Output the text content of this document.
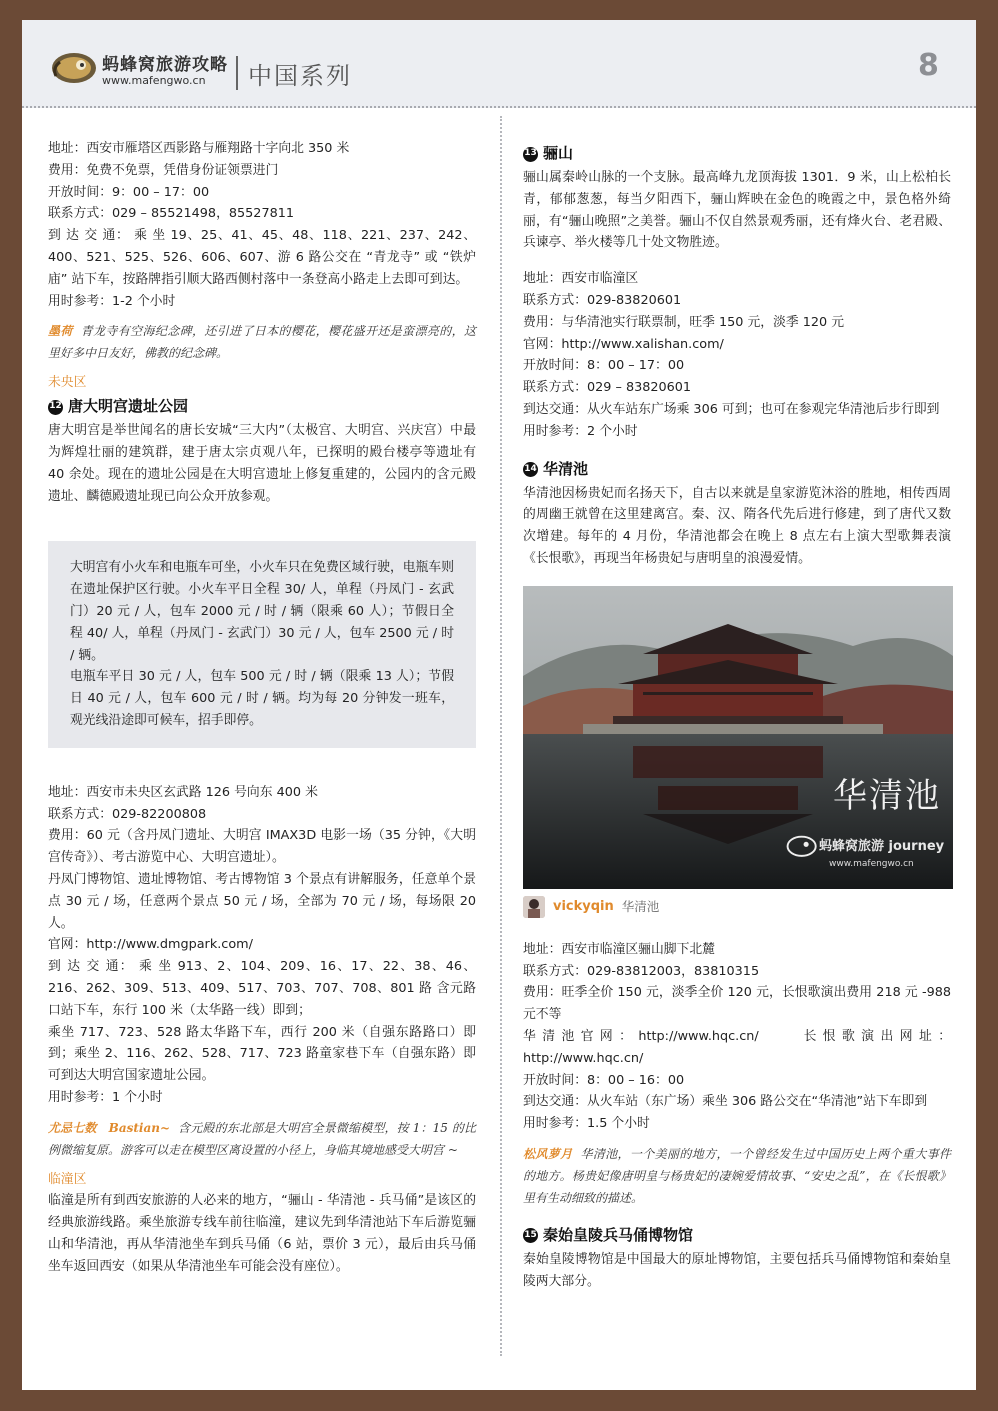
蚂蜂窝旅游攻略
www.mafengwo.cn 中国系列	8

地址：西安市雁塔区西影路与雁翔路十字向北 350 米

费用：免费不免票，凭借身份证领票进门

开放时间：9：00 – 17：00

联系方式：029 – 85521498，85527811

到 达 交 通： 乘 坐 19、25、41、45、48、118、221、237、242、400、521、525、526、606、607、游 6 路公交在 “青龙寺” 或 “铁炉庙” 站下车，按路牌指引顺大路西侧村落中一条登高小路走上去即可到达。

用时参考：1-2 个小时

墨荷 青龙寺有空海纪念碑，还引进了日本的樱花，樱花盛开还是蛮漂亮的，这里好多中日友好，佛教的纪念碑。

未央区

12 唐大明宫遗址公园

唐大明宫是举世闻名的唐长安城“三大内”（太极宫、大明宫、兴庆宫）中最为辉煌壮丽的建筑群，建于唐太宗贞观八年，已探明的殿台楼亭等遗址有 40 余处。现在的遗址公园是在大明宫遗址上修复重建的，公园内的含元殿遗址、麟德殿遗址现已向公众开放参观。

大明宫有小火车和电瓶车可坐，小火车只在免费区域行驶，电瓶车则在遗址保护区行驶。小火车平日全程 30/ 人，单程（丹凤门 - 玄武门）20 元 / 人，包车 2000 元 / 时 / 辆（限乘 60 人）；节假日全程 40/ 人，单程（丹凤门 - 玄武门）30 元 / 人，包车 2500 元 / 时 / 辆。

电瓶车平日 30 元 / 人，包车 500 元 / 时 / 辆（限乘 13 人）；节假日 40 元 / 人，包车 600 元 / 时 / 辆。均为每 20 分钟发一班车，观光线沿途即可候车，招手即停。

地址：西安市未央区玄武路 126 号向东 400 米

联系方式：029-82200808

费用：60 元（含丹凤门遗址、大明宫 IMAX3D 电影一场（35 分钟，《大明宫传奇》）、考古游览中心、大明宫遗址）。

丹凤门博物馆、遗址博物馆、考古博物馆 3 个景点有讲解服务，任意单个景点 30 元 / 场，任意两个景点 50 元 / 场，全部为 70 元 / 场，每场限 20 人。

官网：http://www.dmgpark.com/

到 达 交 通： 乘 坐 913、2、104、209、16、17、22、38、46、216、262、309、513、409、517、703、707、708、801 路 含元路口站下车，东行 100 米（太华路一线）即到；

乘坐 717、723、528 路太华路下车，西行 200 米（自强东路路口）即到；乘坐 2、116、262、528、717、723 路童家巷下车（自强东路）即可到达大明宫国家遗址公园。

用时参考：1 个小时

尤忌七数　Bastian~ 含元殿的东北部是大明宫全景微缩模型，按 1：15 的比例微缩复原。游客可以走在模型区离设置的小径上，身临其境地感受大明宫 ~

临潼区

临潼是所有到西安旅游的人必来的地方，“骊山 - 华清池 - 兵马俑”是该区的经典旅游线路。乘坐旅游专线车前往临潼，建议先到华清池站下车后游览骊山和华清池，再从华清池坐车到兵马俑（6 站，票价 3 元），最后由兵马俑坐车返回西安（如果从华清池坐车可能会没有座位）。

13 骊山

骊山属秦岭山脉的一个支脉。最高峰九龙顶海拔 1301．9 米，山上松柏长青，郁郁葱葱，每当夕阳西下，骊山辉映在金色的晚霞之中，景色格外绮丽，有“骊山晚照”之美誉。骊山不仅自然景观秀丽，还有烽火台、老君殿、兵谏亭、举火楼等几十处文物胜迹。

地址：西安市临潼区

联系方式：029-83820601

费用：与华清池实行联票制，旺季 150 元，淡季 120 元

官网：http://www.xalishan.com/

开放时间：8：00 – 17：00

联系方式：029 – 83820601

到达交通：从火车站东广场乘 306 可到；也可在参观完华清池后步行即到

用时参考：2 个小时

14 华清池

华清池因杨贵妃而名扬天下，自古以来就是皇家游览沐浴的胜地，相传西周的周幽王就曾在这里建离宫。秦、汉、隋各代先后进行修建，到了唐代又数次增建。每年的 4 月份，华清池都会在晚上 8 点左右上演大型歌舞表演《长恨歌》，再现当年杨贵妃与唐明皇的浪漫爱情。

华清池
蚂蜂窝旅游 journey
www.mafengwo.cn
vickyqin 华清池

地址：西安市临潼区骊山脚下北麓

联系方式：029-83812003，83810315

费用：旺季全价 150 元，淡季全价 120 元，长恨歌演出费用 218 元 -988 元不等

华清池官网：http://www.hqc.cn/　　长恨歌演出网址：http://www.hqc.cn/

开放时间：8：00 – 16：00

到达交通：从火车站（东广场）乘坐 306 路公交在“华清池”站下车即到

用时参考：1.5 个小时

松风萝月 华清池，一个美丽的地方，一个曾经发生过中国历史上两个重大事件的地方。杨贵妃像唐明皇与杨贵妃的凄婉爱情故事、“安史之乱”，在《长恨歌》里有生动细致的描述。

15 秦始皇陵兵马俑博物馆

秦始皇陵博物馆是中国最大的原址博物馆，主要包括兵马俑博物馆和秦始皇陵两大部分。
